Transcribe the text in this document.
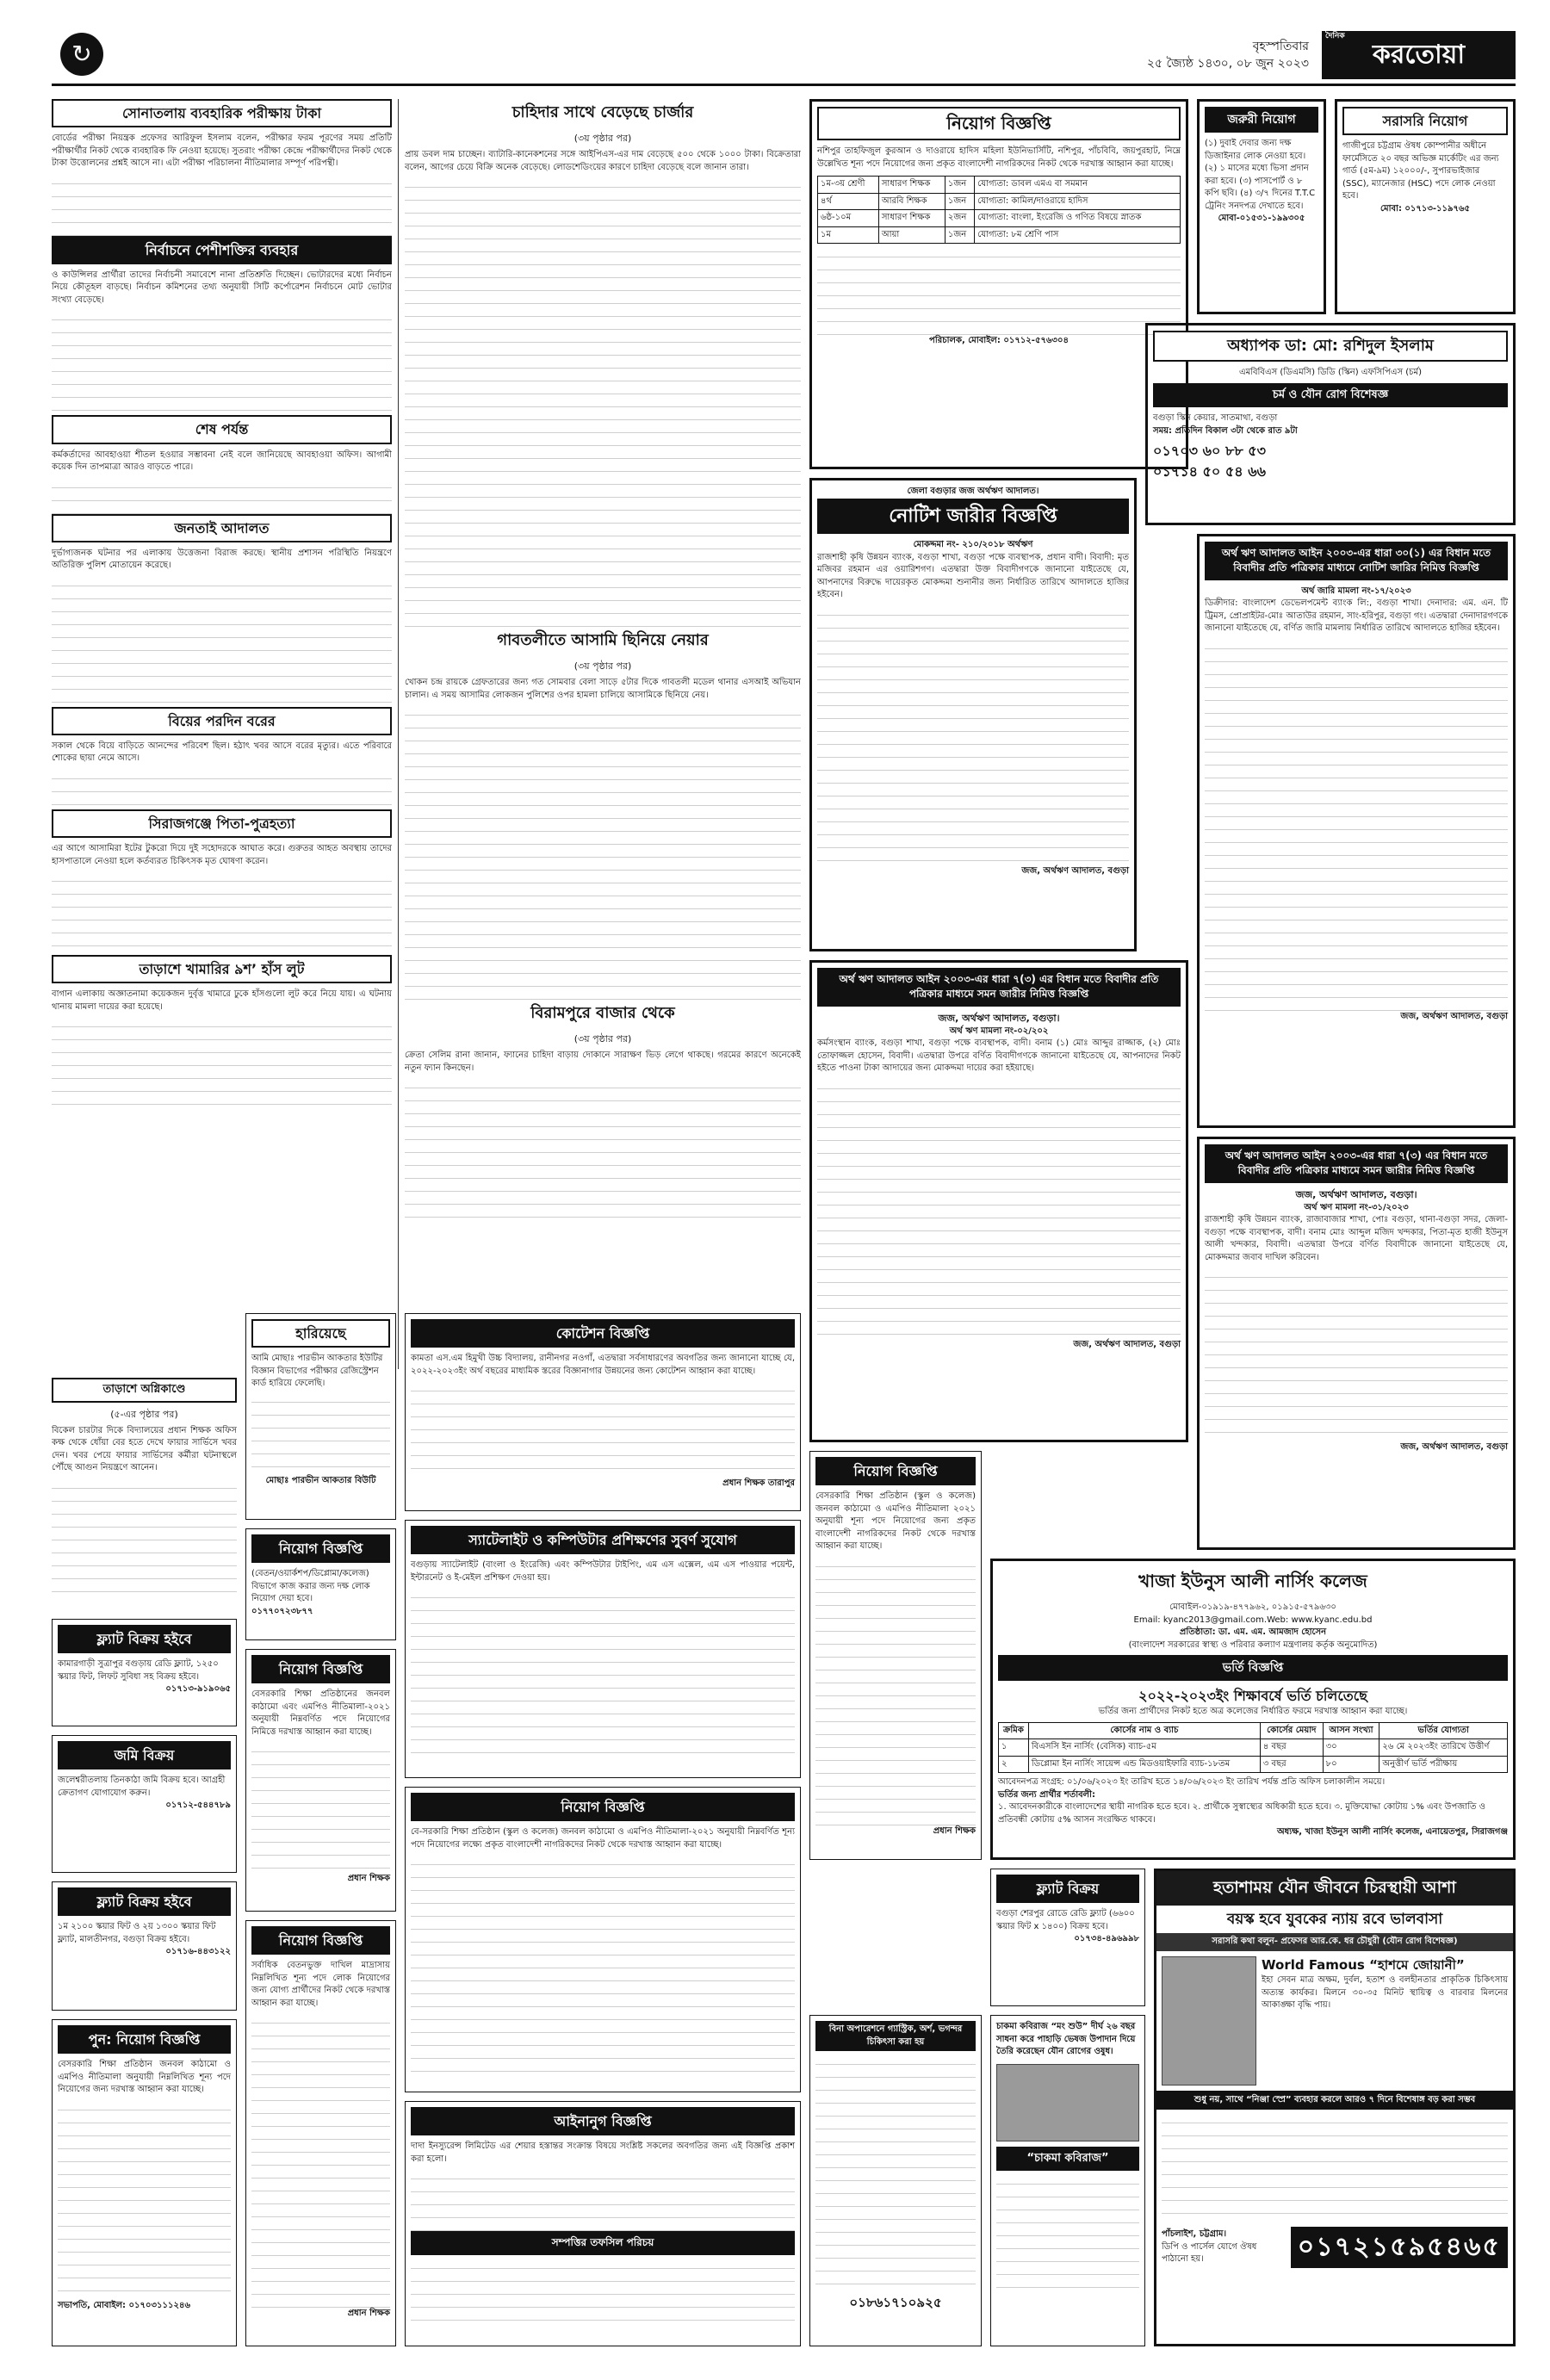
↻	বৃহস্পতিবার
২৫ জ্যৈষ্ঠ ১৪৩০, ০৮ জুন ২০২৩
দৈনিক
করতোয়া
সোনাতলায় ব্যবহারিক পরীক্ষায় টাকা

বোর্ডের পরীক্ষা নিয়ন্ত্রক প্রফেসর আরিফুল ইসলাম বলেন, পরীক্ষার ফরম পূরণের সময় প্রতিটি পরীক্ষার্থীর নিকট থেকে ব্যবহারিক ফি নেওয়া হয়েছে। সুতরাং পরীক্ষা কেন্দ্রে পরীক্ষার্থীদের নিকট থেকে টাকা উত্তোলনের প্রশ্নই আসে না। এটা পরীক্ষা পরিচালনা নীতিমালার সম্পূর্ণ পরিপন্থী।

নির্বাচনে পেশীশক্তির ব্যবহার

ও কাউন্সিলর প্রার্থীরা তাদের নির্বাচনী সমাবেশে নানা প্রতিশ্রুতি দিচ্ছেন। ভোটারদের মধ্যে নির্বাচন নিয়ে কৌতূহল বাড়ছে। নির্বাচন কমিশনের তথ্য অনুযায়ী সিটি কর্পোরেশন নির্বাচনে মোট ভোটার সংখ্যা বেড়েছে।

শেষ পর্যন্ত

কর্মকর্তাদের আবহাওয়া শীতল হওয়ার সম্ভাবনা নেই বলে জানিয়েছে আবহাওয়া অফিস। আগামী কয়েক দিন তাপমাত্রা আরও বাড়তে পারে।

জনতাই আদালত

দুর্ভাগ্যজনক ঘটনার পর এলাকায় উত্তেজনা বিরাজ করছে। স্থানীয় প্রশাসন পরিস্থিতি নিয়ন্ত্রণে অতিরিক্ত পুলিশ মোতায়েন করেছে।

বিয়ের পরদিন বরের

সকাল থেকে বিয়ে বাড়িতে আনন্দের পরিবেশ ছিল। হঠাৎ খবর আসে বরের মৃত্যুর। এতে পরিবারে শোকের ছায়া নেমে আসে।

সিরাজগঞ্জে পিতা-পুত্রহত্যা

এর আগে আসামিরা ইটের টুকরো দিয়ে দুই সহোদরকে আঘাত করে। গুরুতর আহত অবস্থায় তাদের হাসপাতালে নেওয়া হলে কর্তব্যরত চিকিৎসক মৃত ঘোষণা করেন।

তাড়াশে খামারির ৯শ’ হাঁস লুট

বাগান এলাকায় অজ্ঞাতনামা কয়েকজন দুর্বৃত্ত খামারে ঢুকে হাঁসগুলো লুট করে নিয়ে যায়। এ ঘটনায় থানায় মামলা দায়ের করা হয়েছে।

তাড়াশে অগ্নিকাণ্ডে
(৫-এর পৃষ্ঠার পর)

বিকেল চারটার দিকে বিদ্যালয়ের প্রধান শিক্ষক অফিস কক্ষ থেকে ধোঁয়া বের হতে দেখে ফায়ার সার্ভিসে খবর দেন। খবর পেয়ে ফায়ার সার্ভিসের কর্মীরা ঘটনাস্থলে পৌঁছে আগুন নিয়ন্ত্রণে আনেন।

চাহিদার সাথে বেড়েছে চার্জার
(৩য় পৃষ্ঠার পর)

প্রায় ডবল দাম চাচ্ছেন। ব্যাটারি-কানেকশনের সঙ্গে আইপিএস-এর দাম বেড়েছে ৫০০ থেকে ১০০০ টাকা। বিক্রেতারা বলেন, আগের চেয়ে বিক্রি অনেক বেড়েছে। লোডশেডিংয়ের কারণে চাহিদা বেড়েছে বলে জানান তারা।

গাবতলীতে আসামি ছিনিয়ে নেয়ার
(৩য় পৃষ্ঠার পর)

খোকন চন্দ্র রায়কে গ্রেফতারের জন্য গত সোমবার বেলা সাড়ে ৫টার দিকে গাবতলী মডেল থানার এসআই অভিযান চালান। এ সময় আসামির লোকজন পুলিশের ওপর হামলা চালিয়ে আসামিকে ছিনিয়ে নেয়।

বিরামপুরে বাজার থেকে
(৩য় পৃষ্ঠার পর)

ক্রেতা সেলিম রানা জানান, ফ্যানের চাহিদা বাড়ায় দোকানে সারাক্ষণ ভিড় লেগে থাকছে। গরমের কারণে অনেকেই নতুন ফ্যান কিনছেন।

হারিয়েছে

আমি মোছাঃ পারভীন আকতার ইউটির বিজ্ঞান বিভাগের পরীক্ষার রেজিস্ট্রেশন কার্ড হারিয়ে ফেলেছি।

মোছাঃ পারভীন আকতার বিউটি
কোটেশন বিজ্ঞপ্তি

কামতা এস.এম হিমুখী উচ্চ বিদ্যালয়, রানীনগর নওগাঁ, এতদ্বারা সর্বসাধারণের অবগতির জন্য জানানো যাচ্ছে যে, ২০২২-২০২৩ইং অর্থ বছরের মাধ্যমিক স্তরের বিজ্ঞানাগার উন্নয়নের জন্য কোটেশন আহ্বান করা যাচ্ছে।

প্রধান শিক্ষক তারাপুর
স্যাটেলাইট ও কম্পিউটার প্রশিক্ষণের সুবর্ণ সুযোগ

বগুড়ায় স্যাটেলাইট (বাংলা ও ইংরেজি) এবং কম্পিউটার টাইপিং, এম এস এক্সেল, এম এস পাওয়ার পয়েন্ট, ইন্টারনেট ও ই-মেইল প্রশিক্ষণ দেওয়া হয়।

নিয়োগ বিজ্ঞপ্তি

(বেতন/ওয়ার্কশপ/ডিপ্লোমা/কলেজ) বিভাগে কাজ করার জন্য দক্ষ লোক নিয়োগ দেয়া হবে।

০১৭৭০৭২৩৮৭৭
ফ্ল্যাট বিক্রয় হইবে

কামারগাড়ী সুত্রাপুর বগুড়ায় রেডি ফ্ল্যাট, ১২৫০ স্কয়ার ফিট, লিফট সুবিধা সহ বিক্রয় হইবে।

০১৭১৩-৯১৯০৬৫
জমি বিক্রয়

জলেশ্বরীতলায় তিনকাঠা জমি বিক্রয় হবে। আগ্রহী ক্রেতাগণ যোগাযোগ করুন।

০১৭১২-৫৪৪৭৮৯
ফ্ল্যাট বিক্রয় হইবে

১ম ২১০০ স্কয়ার ফিট ও ২য় ১৩০০ স্কয়ার ফিট ফ্ল্যাট, মালতীনগর, বগুড়া বিক্রয় হইবে।

০১৭১৬-৪৪৩১২২
পুন: নিয়োগ বিজ্ঞপ্তি

বেসরকারি শিক্ষা প্রতিষ্ঠান জনবল কাঠামো ও এমপিও নীতিমালা অনুযায়ী নিম্নলিখিত শূন্য পদে নিয়োগের জন্য দরখাস্ত আহ্বান করা যাচ্ছে।

সভাপতি, মোবাইল: ০১৭০৩১১১২৪৬
নিয়োগ বিজ্ঞপ্তি

বেসরকারি শিক্ষা প্রতিষ্ঠানের জনবল কাঠামো এবং এমপিও নীতিমালা-২০২১ অনুযায়ী নিম্নবর্ণিত পদে নিয়োগের নিমিত্তে দরখাস্ত আহ্বান করা যাচ্ছে।

প্রধান শিক্ষক
নিয়োগ বিজ্ঞপ্তি

সর্বাধিক বেতনভুক্ত দাখিল মাদ্রাসায় নিম্নলিখিত শূন্য পদে লোক নিয়োগের জন্য যোগ্য প্রার্থীদের নিকট থেকে দরখাস্ত আহ্বান করা যাচ্ছে।

প্রধান শিক্ষক
নিয়োগ বিজ্ঞপ্তি

বে-সরকারি শিক্ষা প্রতিষ্ঠান (স্কুল ও কলেজ) জনবল কাঠামো ও এমপিও নীতিমালা-২০২১ অনুযায়ী নিম্নবর্ণিত শূন্য পদে নিয়োগের লক্ষ্যে প্রকৃত বাংলাদেশী নাগরিকদের নিকট থেকে দরখাস্ত আহ্বান করা যাচ্ছে।

আইনানুগ বিজ্ঞপ্তি

দাদা ইনস্যুরেন্স লিমিটেড এর শেয়ার হস্তান্তর সংক্রান্ত বিষয়ে সংশ্লিষ্ট সকলের অবগতির জন্য এই বিজ্ঞপ্তি প্রকাশ করা হলো।

সম্পত্তির তফসিল পরিচয়
নিয়োগ বিজ্ঞপ্তি

নশিপুর তাহফিজুল কুরআন ও দাওরায়ে হাদিস মহিলা ইউনিভার্সিটি, নশিপুর, পাঁচবিবি, জয়পুরহাট, নিম্নে উল্লেখিত শূন্য পদে নিয়োগের জন্য প্রকৃত বাংলাদেশী নাগরিকদের নিকট থেকে দরখাস্ত আহ্বান করা যাচ্ছে।

১ম-৩য় শ্রেণী	সাধারণ শিক্ষক	১জন	যোগ্যতা: ডাবল এমএ বা সমমান
৪র্থ	আরবি শিক্ষক	১জন	যোগ্যতা: কামিল/দাওরায়ে হাদিস
৬ষ্ঠ-১০ম	সাধারণ শিক্ষক	২জন	যোগ্যতা: বাংলা, ইংরেজি ও গণিত বিষয়ে স্নাতক
১ম	আয়া	১জন	যোগ্যতা: ৮ম শ্রেণি পাস
পরিচালক, মোবাইল: ০১৭১২-৫৭৬৩০৪
জরুরী নিয়োগ

(১) দুবাই দেবার জন্য দক্ষ ডিজাইনার লোক নেওয়া হবে। (২) ১ মাসের মধ্যে ভিসা প্রদান করা হবে। (৩) পাসপোর্ট ও ৮ কপি ছবি। (৪) ৩/৭ দিনের T.T.C ট্রেনিং সনদপত্র দেখাতে হবে।

মোবা-০১৫৩১-১৯৯৩০৫
সরাসরি নিয়োগ

গাজীপুরে চট্টগ্রাম ঔষধ কোম্পানীর অধীনে ফার্মেসিতে ২০ বছর অভিজ্ঞ মার্কেটিং এর জন্য গার্ড (৫ম-৯ম) ১২০০০/-, সুপারভাইজার (SSC), ম্যানেজার (HSC) পদে লোক নেওয়া হবে।

মোবা: ০১৭১৩-১১৯৭৬৫
অধ্যাপক ডা: মো: রশিদুল ইসলাম
এমবিবিএস (ডিএমসি) ডিডি (স্কিন) এফসিপিএস (চর্ম)
চর্ম ও যৌন রোগ বিশেষজ্ঞ
বগুড়া স্কিন কেয়ার, সাতমাথা, বগুড়া
সময়: প্রতিদিন বিকাল ৩টা থেকে রাত ৯টা
০১৭০৩ ৬০ ৮৮ ৫৩
০১৭১৪ ৫০ ৫৪ ৬৬
জেলা বগুড়ার জজ অর্থঋণ আদালত।
নোটিশ জারীর বিজ্ঞপ্তি
মোকদ্দমা নং- ২১০/২০১৮ অর্থঋণ

রাজশাহী কৃষি উন্নয়ন ব্যাংক, বগুড়া শাখা, বগুড়া পক্ষে ব্যবস্থাপক, প্রধান বাদী। বিবাদী: মৃত মজিবর রহমান এর ওয়ারিশগণ। এতদ্বারা উক্ত বিবাদীগণকে জানানো যাইতেছে যে, আপনাদের বিরুদ্ধে দায়েরকৃত মোকদ্দমা শুনানীর জন্য নির্ধারিত তারিখে আদালতে হাজির হইবেন।

জজ, অর্থঋণ আদালত, বগুড়া
অর্থ ঋণ আদালত আইন ২০০৩-এর ধারা ৩০(১) এর বিধান মতে বিবাদীর প্রতি পত্রিকার মাধ্যমে নোটিশ জারির নিমিত্ত বিজ্ঞপ্তি
অর্থ জারি মামলা নং-১৭/২০২৩

ডিক্রীদার: বাংলাদেশ ডেভেলপমেন্ট ব্যাংক লি:, বগুড়া শাখা। দেনাদার: এম. এন. টি ট্রিমস, প্রোপ্রাইটর-মোঃ আতাউর রহমান, সাং-হরিপুর, বগুড়া গং। এতদ্বারা দেনাদারগণকে জানানো যাইতেছে যে, বর্ণিত জারি মামলায় নির্ধারিত তারিখে আদালতে হাজির হইবেন।

জজ, অর্থঋণ আদালত, বগুড়া
অর্থ ঋণ আদালত আইন ২০০৩-এর ধারা ৭(৩) এর বিধান মতে বিবাদীর প্রতি পত্রিকার মাধ্যমে সমন জারীর নিমিত্ত বিজ্ঞপ্তি
জজ, অর্থঋণ আদালত, বগুড়া।
অর্থ ঋণ মামলা নং-০২/২০২

কর্মসংস্থান ব্যাংক, বগুড়া শাখা, বগুড়া পক্ষে ব্যবস্থাপক, বাদী। বনাম (১) মোঃ আব্দুর রাজ্জাক, (২) মোঃ তোফাজ্জল হোসেন, বিবাদী। এতদ্বারা উপরে বর্ণিত বিবাদীগণকে জানানো যাইতেছে যে, আপনাদের নিকট হইতে পাওনা টাকা আদায়ের জন্য মোকদ্দমা দায়ের করা হইয়াছে।

জজ, অর্থঋণ আদালত, বগুড়া
অর্থ ঋণ আদালত আইন ২০০৩-এর ধারা ৭(৩) এর বিধান মতে বিবাদীর প্রতি পত্রিকার মাধ্যমে সমন জারীর নিমিত্ত বিজ্ঞপ্তি
জজ, অর্থঋণ আদালত, বগুড়া।
অর্থ ঋণ মামলা নং-৩১/২০২৩

রাজশাহী কৃষি উন্নয়ন ব্যাংক, রাজাবাজার শাখা, পোঃ বগুড়া, থানা-বগুড়া সদর, জেলা-বগুড়া পক্ষে ব্যবস্থাপক, বাদী। বনাম মোঃ আব্দুল মজিদ খন্দকার, পিতা-মৃত হাজী ইউনুস আলী খন্দকার, বিবাদী। এতদ্বারা উপরে বর্ণিত বিবাদীকে জানানো যাইতেছে যে, মোকদ্দমার জবাব দাখিল করিবেন।

জজ, অর্থঋণ আদালত, বগুড়া
নিয়োগ বিজ্ঞপ্তি

বেসরকারি শিক্ষা প্রতিষ্ঠান (স্কুল ও কলেজ) জনবল কাঠামো ও এমপিও নীতিমালা ২০২১ অনুযায়ী শূন্য পদে নিয়োগের জন্য প্রকৃত বাংলাদেশী নাগরিকদের নিকট থেকে দরখাস্ত আহ্বান করা যাচ্ছে।

প্রধান শিক্ষক
ফ্ল্যাট বিক্রয়

বগুড়া শেরপুর রোডে রেডি ফ্ল্যাট (৬৬০০ স্কয়ার ফিট x ১৪০০) বিক্রয় হবে।

০১৭৩৪-৪৯৬৯৯৮
বিনা অপারেশনে গ্যাস্ট্রিক, অর্শ, ভগন্দর চিকিৎসা করা হয়
০১৮৬১৭১০৯২৫

চাকমা কবিরাজ “মং শুউ” দীর্ঘ ২৬ বছর সাধনা করে পাহাড়ি ভেষজ উপাদান দিয়ে তৈরি করেছেন যৌন রোগের ওষুধ।

“চাকমা কবিরাজ”
খাজা ইউনুস আলী নার্সিং কলেজ
মোবাইল-০১৯১৯-৪৭৭৯৬২, ০১৯১৫-৫৭৯৬৩০
Email: kyanc2013@gmail.com.Web: www.kyanc.edu.bd
প্রতিষ্ঠাতা: ডা. এম. এম. আমজাদ হোসেন
(বাংলাদেশ সরকারের স্বাস্থ্য ও পরিবার কল্যাণ মন্ত্রণালয় কর্তৃক অনুমোদিত)
ভর্তি বিজ্ঞপ্তি
২০২২-২০২৩ইং শিক্ষাবর্ষে ভর্তি চলিতেছে
ভর্তির জন্য প্রার্থীদের নিকট হতে অত্র কলেজের নির্ধারিত ফরমে দরখাস্ত আহ্বান করা যাচ্ছে।
ক্রমিক	কোর্সের নাম ও ব্যাচ	কোর্সের মেয়াদ	আসন সংখ্যা	ভর্তির যোগ্যতা
১	বিএসসি ইন নার্সিং (বেসিক) ব্যাচ-৫ম	৪ বছর	৩০	২৬ মে ২০২৩ইং তারিখে উত্তীর্ণ
২	ডিপ্লোমা ইন নার্সিং সায়েন্স এন্ড মিডওয়াইফারি ব্যাচ-১৮তম	৩ বছর	৮০	অনুত্তীর্ণ ভর্তি পরীক্ষায়
আবেদনপত্র সংগ্রহ: ০১/০৬/২০২৩ ইং তারিখ হতে ১৪/০৬/২০২৩ ইং তারিখ পর্যন্ত প্রতি অফিস চলাকালীন সময়ে।
ভর্তির জন্য প্রার্থীর শর্তাবলী:
১. আবেদনকারীকে বাংলাদেশের স্থায়ী নাগরিক হতে হবে। ২. প্রার্থীকে সুস্বাস্থ্যের অধিকারী হতে হবে। ৩. মুক্তিযোদ্ধা কোটায় ১% এবং উপজাতি ও প্রতিবন্ধী কোটায় ৫% আসন সংরক্ষিত থাকবে।
অধ্যক্ষ, খাজা ইউনুস আলী নার্সিং কলেজ, এনায়েতপুর, সিরাজগঞ্জ
হতাশাময় যৌন জীবনে চিরস্থায়ী আশা
বয়স্ক হবে যুবকের ন্যায় রবে ভালবাসা
সরাসরি কথা বলুন- প্রফেসর আর.কে. ধর চৌধুরী (যৌন রোগ বিশেষজ্ঞ)
World Famous “হাশমে জোয়ানী”

ইহা সেবন মাত্র অক্ষম, দুর্বল, হতাশ ও বলহীনতার প্রাকৃতিক চিকিৎসায় অত্যন্ত কার্যকর। মিলনে ৩০-৩৫ মিনিট স্থায়িত্ব ও বারবার মিলনের আকাঙ্ক্ষা বৃদ্ধি পায়।

শুধু নয়, সাথে “নিঞ্জা স্প্রে” ব্যবহার করলে আরও ৭ দিনে বিশেষাঙ্গ বড় করা সম্ভব
পাঁচলাইশ, চট্টগ্রাম।
ডিপি ও পার্সেল যোগে ঔষধ পাঠানো হয়।	০১৭২১৫৯৫৪৬৫
